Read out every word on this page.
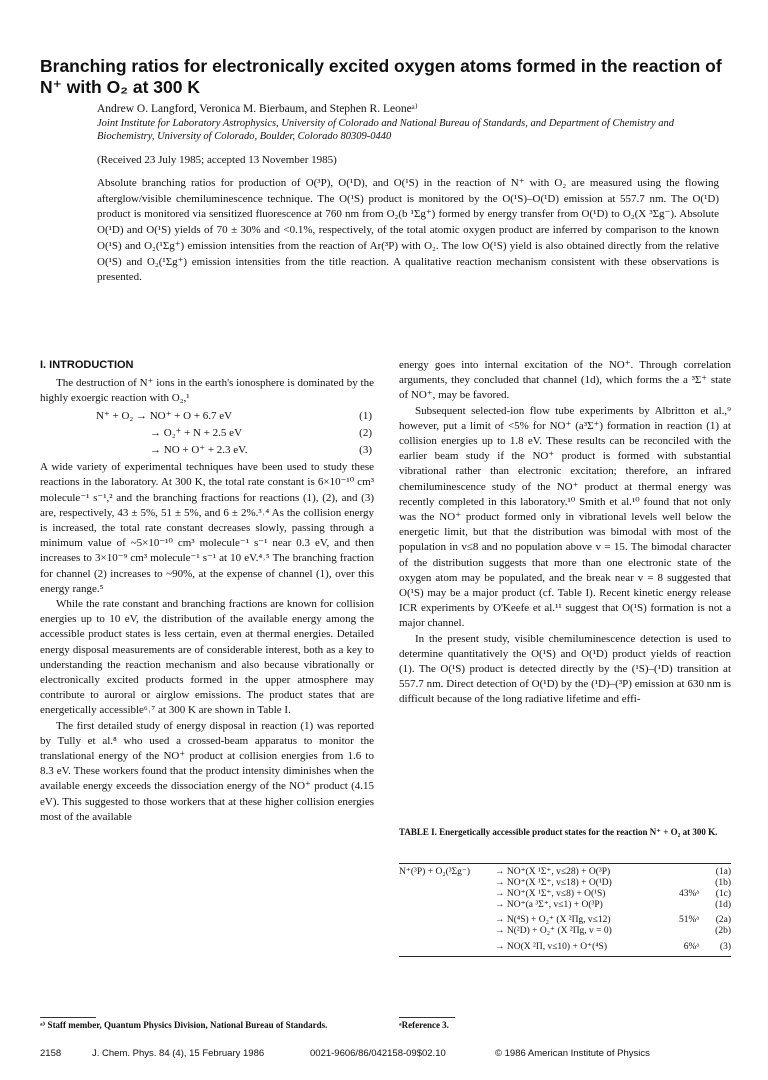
Branching ratios for electronically excited oxygen atoms formed in the reaction of N⁺ with O₂ at 300 K
Andrew O. Langford, Veronica M. Bierbaum, and Stephen R. Leoneᵃ⁾
Joint Institute for Laboratory Astrophysics, University of Colorado and National Bureau of Standards, and Department of Chemistry and Biochemistry, University of Colorado, Boulder, Colorado 80309-0440
(Received 23 July 1985; accepted 13 November 1985)
Absolute branching ratios for production of O(³P), O(¹D), and O(¹S) in the reaction of N⁺ with O₂ are measured using the flowing afterglow/visible chemiluminescence technique. The O(¹S) product is monitored by the O(¹S)–O(¹D) emission at 557.7 nm. The O(¹D) product is monitored via sensitized fluorescence at 760 nm from O₂(b ¹Σg⁺) formed by energy transfer from O(¹D) to O₂(X ³Σg⁻). Absolute O(¹D) and O(¹S) yields of 70 ± 30% and <0.1%, respectively, of the total atomic oxygen product are inferred by comparison to the known O(¹S) and O₂(¹Σg⁺) emission intensities from the reaction of Ar(³P) with O₂. The low O(¹S) yield is also obtained directly from the relative O(¹S) and O₂(¹Σg⁺) emission intensities from the title reaction. A qualitative reaction mechanism consistent with these observations is presented.
I. INTRODUCTION

The destruction of N⁺ ions in the earth's ionosphere is dominated by the highly exoergic reaction with O₂,¹

N⁺ + O₂ → NO⁺ + O + 6.7 eV	(1)
→ O₂⁺ + N + 2.5 eV	(2)
→ NO + O⁺ + 2.3 eV.	(3)

A wide variety of experimental techniques have been used to study these reactions in the laboratory. At 300 K, the total rate constant is 6×10⁻¹⁰ cm³ molecule⁻¹ s⁻¹,² and the branching fractions for reactions (1), (2), and (3) are, respectively, 43 ± 5%, 51 ± 5%, and 6 ± 2%.³˒⁴ As the collision energy is increased, the total rate constant decreases slowly, passing through a minimum value of ~5×10⁻¹⁰ cm³ molecule⁻¹ s⁻¹ near 0.3 eV, and then increases to 3×10⁻⁹ cm³ molecule⁻¹ s⁻¹ at 10 eV.⁴˒⁵ The branching fraction for channel (2) increases to ~90%, at the expense of channel (1), over this energy range.⁵

While the rate constant and branching fractions are known for collision energies up to 10 eV, the distribution of the available energy among the accessible product states is less certain, even at thermal energies. Detailed energy disposal measurements are of considerable interest, both as a key to understanding the reaction mechanism and also because vibrationally or electronically excited products formed in the upper atmosphere may contribute to auroral or airglow emissions. The product states that are energetically accessible⁶˒⁷ at 300 K are shown in Table I.

The first detailed study of energy disposal in reaction (1) was reported by Tully et al.⁸ who used a crossed-beam apparatus to monitor the translational energy of the NO⁺ product at collision energies from 1.6 to 8.3 eV. These workers found that the product intensity diminishes when the available energy exceeds the dissociation energy of the NO⁺ product (4.15 eV). This suggested to those workers that at these higher collision energies most of the available

energy goes into internal excitation of the NO⁺. Through correlation arguments, they concluded that channel (1d), which forms the a ³Σ⁺ state of NO⁺, may be favored.

Subsequent selected-ion flow tube experiments by Albritton et al.,⁹ however, put a limit of <5% for NO⁺ (a³Σ⁺) formation in reaction (1) at collision energies up to 1.8 eV. These results can be reconciled with the earlier beam study if the NO⁺ product is formed with substantial vibrational rather than electronic excitation; therefore, an infrared chemiluminescence study of the NO⁺ product at thermal energy was recently completed in this laboratory.¹⁰ Smith et al.¹⁰ found that not only was the NO⁺ product formed only in vibrational levels well below the energetic limit, but that the distribution was bimodal with most of the population in v≤8 and no population above v = 15. The bimodal character of the distribution suggests that more than one electronic state of the oxygen atom may be populated, and the break near v = 8 suggested that O(¹S) may be a major product (cf. Table I). Recent kinetic energy release ICR experiments by O'Keefe et al.¹¹ suggest that O(¹S) formation is not a major channel.

In the present study, visible chemiluminescence detection is used to determine quantitatively the O(¹S) and O(¹D) product yields of reaction (1). The O(¹S) product is detected directly by the (¹S)–(¹D) transition at 557.7 nm. Direct detection of O(¹D) by the (¹D)–(³P) emission at 630 nm is difficult because of the long radiative lifetime and effi-

TABLE I. Energetically accessible product states for the reaction N⁺ + O₂ at 300 K.
N⁺(³P) + O₂(³Σg⁻)	→ NO⁺(X ¹Σ⁺, v≤28) + O(³P)	(1a)
→ NO⁺(X ¹Σ⁺, v≤18) + O(¹D)	(1b)
→ NO⁺(X ¹Σ⁺, v≤8) + O(¹S)	43%ᵃ	(1c)
→ NO⁺(a ³Σ⁺, v≤1) + O(³P)	(1d)
→ N(⁴S) + O₂⁺ (X ²Πg, v≤12)	51%ᵃ	(2a)
→ N(²D) + O₂⁺ (X ²Πg, v = 0)	(2b)
→ NO(X ²Π, v≤10) + O⁺(⁴S)	6%ᵃ	(3)
ᵃ⁾ Staff member, Quantum Physics Division, National Bureau of Standards.	ᵃReference 3.
2158	J. Chem. Phys. 84 (4), 15 February 1986	0021-9606/86/042158-09$02.10	© 1986 American Institute of Physics
